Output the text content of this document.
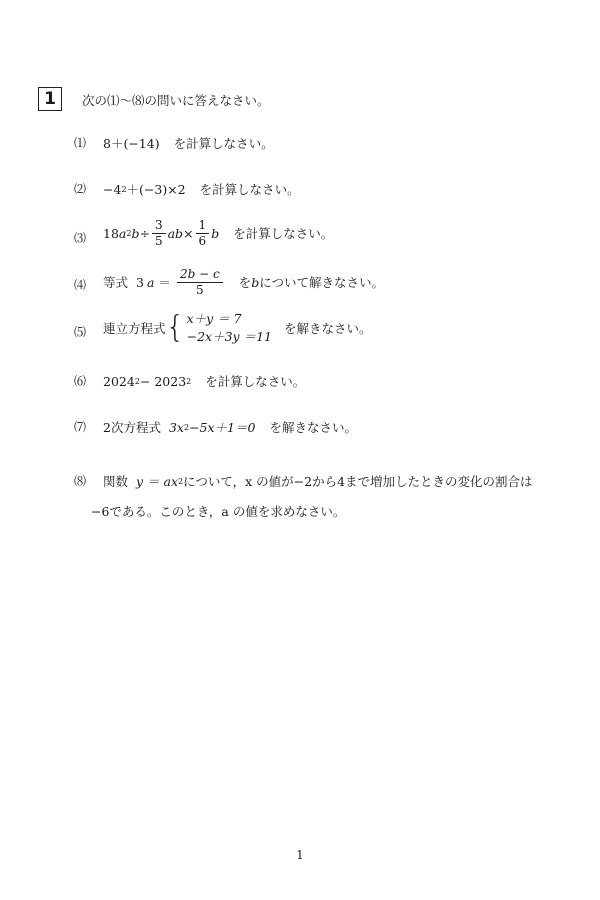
1 次の⑴〜⑻の問いに答えなさい。
⑴ 8＋(−14) を計算しなさい。
⑵ −4 2 ＋(−3)×2 を計算しなさい。
⑶ 18 a 2 $b \div \frac{3}{5}$ ab × $\frac{1}{6}$ b を計算しなさい。
⑷ 等式 3 $a = \frac{2b - c}{5}$ を b について解きなさい。
⑸ 連立方程式 { x＋y ＝ 7
−2x＋3y ＝11
を解きなさい。
⑹ 2024 2 − 2023 2 を計算しなさい。
⑺ 2次方程式 3x 2 −5x＋1＝0 を解きなさい。
⑻ 関数 y ＝ ax 2 について，x の値が−2から4まで増加したときの変化の割合は
−6である。このとき，a の値を求めなさい。
1
